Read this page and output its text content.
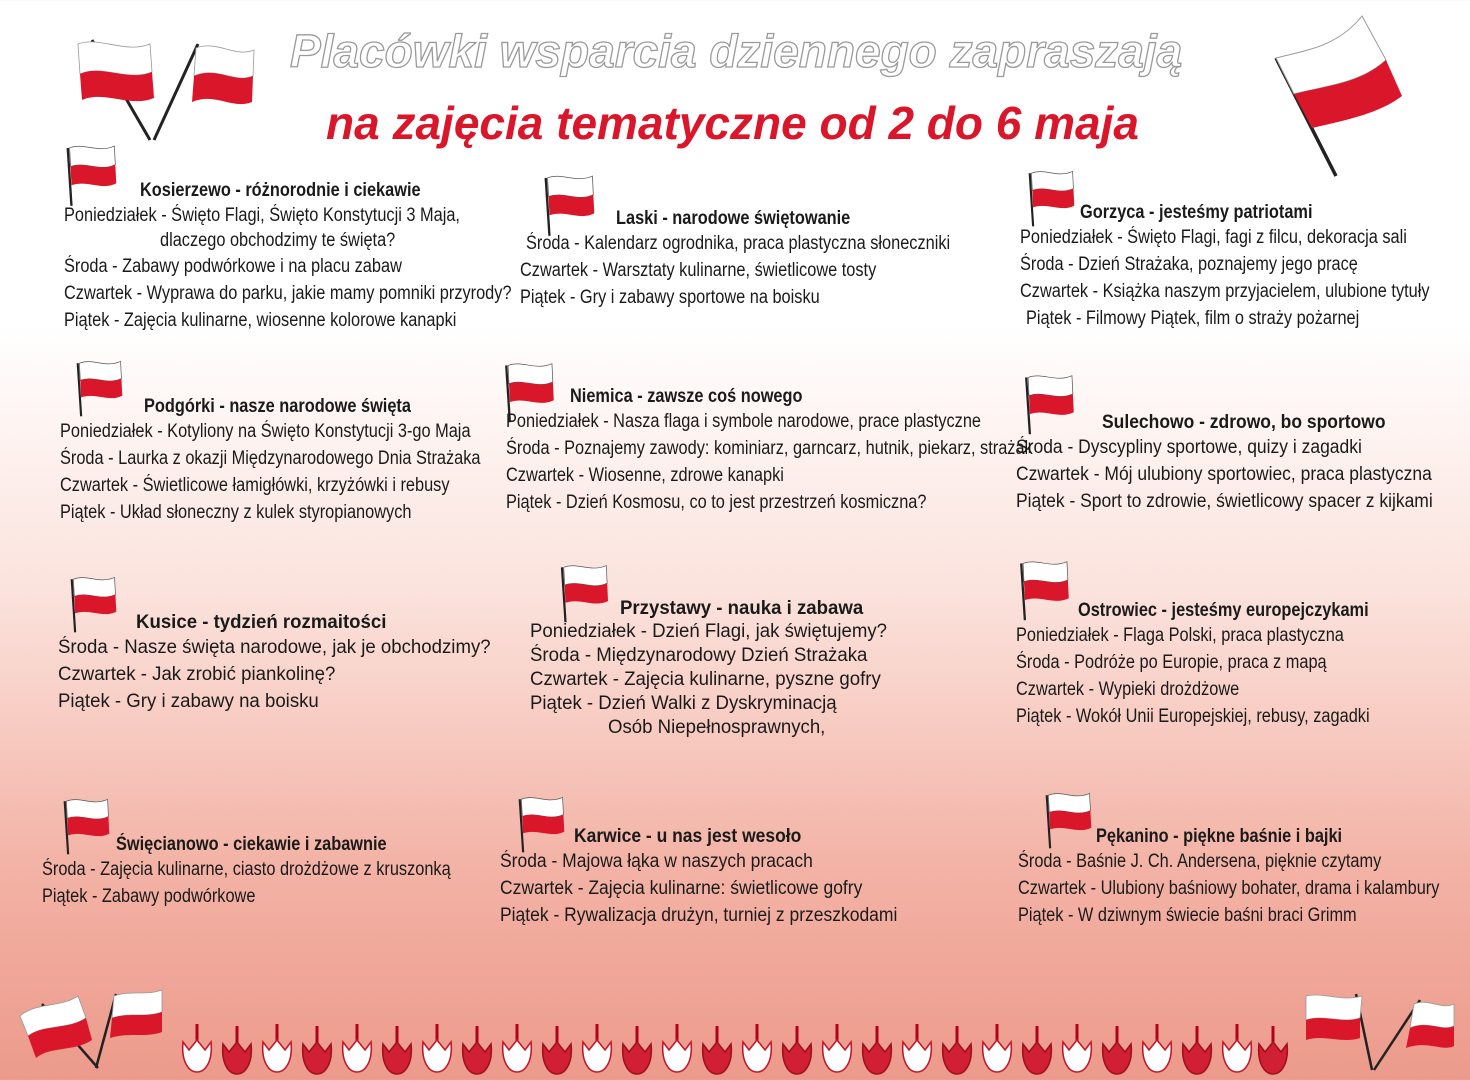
Placówki wsparcia dziennego zapraszają
na zajęcia tematyczne od 2 do 6 maja
Kosierzewo - różnorodnie i ciekawie
Poniedziałek - Święto Flagi, Święto Konstytucji 3 Maja,
dlaczego obchodzimy te święta?
Środa - Zabawy podwórkowe i na placu zabaw
Czwartek - Wyprawa do parku, jakie mamy pomniki przyrody?
Piątek - Zajęcia kulinarne, wiosenne kolorowe kanapki
Laski - narodowe świętowanie
Środa - Kalendarz ogrodnika, praca plastyczna słoneczniki
Czwartek - Warsztaty kulinarne, świetlicowe tosty
Piątek - Gry i zabawy sportowe na boisku
Gorzyca - jesteśmy patriotami
Poniedziałek - Święto Flagi, fagi z filcu, dekoracja sali
Środa - Dzień Strażaka, poznajemy jego pracę
Czwartek - Książka naszym przyjacielem, ulubione tytuły
Piątek - Filmowy Piątek, film o straży pożarnej
Podgórki - nasze narodowe święta
Poniedziałek - Kotyliony na Święto Konstytucji 3-go Maja
Środa - Laurka z okazji Międzynarodowego Dnia Strażaka
Czwartek - Świetlicowe łamigłówki, krzyżówki i rebusy
Piątek - Układ słoneczny z kulek styropianowych
Niemica - zawsze coś nowego
Poniedziałek - Nasza flaga i symbole narodowe, prace plastyczne
Środa - Poznajemy zawody: kominiarz, garncarz, hutnik, piekarz, strażak
Czwartek - Wiosenne, zdrowe kanapki
Piątek - Dzień Kosmosu, co to jest przestrzeń kosmiczna?
Sulechowo - zdrowo, bo sportowo
Środa - Dyscypliny sportowe, quizy i zagadki
Czwartek - Mój ulubiony sportowiec, praca plastyczna
Piątek - Sport to zdrowie, świetlicowy spacer z kijkami
Kusice - tydzień rozmaitości
Środa - Nasze święta narodowe, jak je obchodzimy?
Czwartek - Jak zrobić piankolinę?
Piątek - Gry i zabawy na boisku
Przystawy - nauka i zabawa
Poniedziałek - Dzień Flagi, jak świętujemy?
Środa - Międzynarodowy Dzień Strażaka
Czwartek - Zajęcia kulinarne, pyszne gofry
Piątek - Dzień Walki z Dyskryminacją
Osób Niepełnosprawnych,
Ostrowiec - jesteśmy europejczykami
Poniedziałek - Flaga Polski, praca plastyczna
Środa - Podróże po Europie, praca z mapą
Czwartek - Wypieki drożdżowe
Piątek - Wokół Unii Europejskiej, rebusy, zagadki
Święcianowo - ciekawie i zabawnie
Środa - Zajęcia kulinarne, ciasto drożdżowe z kruszonką
Piątek - Zabawy podwórkowe
Karwice - u nas jest wesoło
Środa - Majowa łąka w naszych pracach
Czwartek - Zajęcia kulinarne: świetlicowe gofry
Piątek - Rywalizacja drużyn, turniej z przeszkodami
Pękanino - piękne baśnie i bajki
Środa - Baśnie J. Ch. Andersena, pięknie czytamy
Czwartek - Ulubiony baśniowy bohater, drama i kalambury
Piątek - W dziwnym świecie baśni braci Grimm
